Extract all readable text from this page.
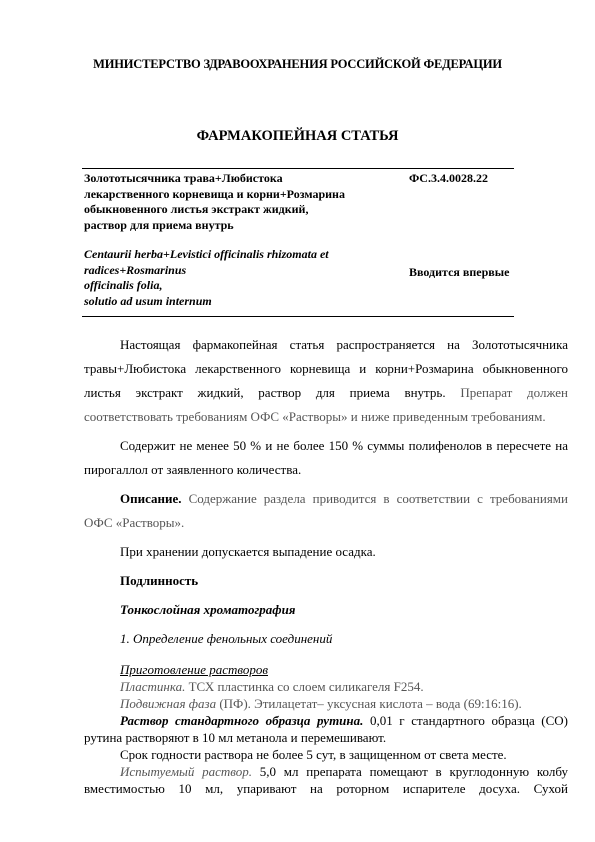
МИНИСТЕРСТВО ЗДРАВООХРАНЕНИЯ РОССИЙСКОЙ ФЕДЕРАЦИИ
ФАРМАКОПЕЙНАЯ СТАТЬЯ
Золототысячника трава+Любистока
лекарственного корневища и корни+Розмарина
обыкновенного листья экстракт жидкий,
раствор для приема внутрь
Centaurii herba+Levistici officinalis rhizomata et
radices+Rosmarinus
officinalis folia,
solutio ad usum internum
ФС.3.4.0028.22
Вводится впервые

Настоящая фармакопейная статья распространяется на Золототысячника травы+Любистока лекарственного корневища и корни+Розмарина обыкновенного листья экстракт жидкий, раствор для приема внутрь. Препарат должен соответствовать требованиям ОФС «Растворы» и ниже приведенным требованиям.

Содержит не менее 50 % и не более 150 % суммы полифенолов в пересчете на пирогаллол от заявленного количества.

Описание. Содержание раздела приводится в соответствии с требованиями ОФС «Растворы».

При хранении допускается выпадение осадка.

Подлинность

Тонкослойная хроматография

1. Определение фенольных соединений

Приготовление растворов

Пластинка. ТСХ пластинка со слоем силикагеля F254.

Подвижная фаза (ПФ). Этилацетат– уксусная кислота – вода (69:16:16).

Раствор стандартного образца рутина. 0,01 г стандартного образца (СО) рутина растворяют в 10 мл метанола и перемешивают.

Срок годности раствора не более 5 сут, в защищенном от света месте.

Испытуемый раствор. 5,0 мл препарата помещают в круглодонную колбу вместимостью 10 мл, упаривают на роторном испарителе досуха. Сухой
